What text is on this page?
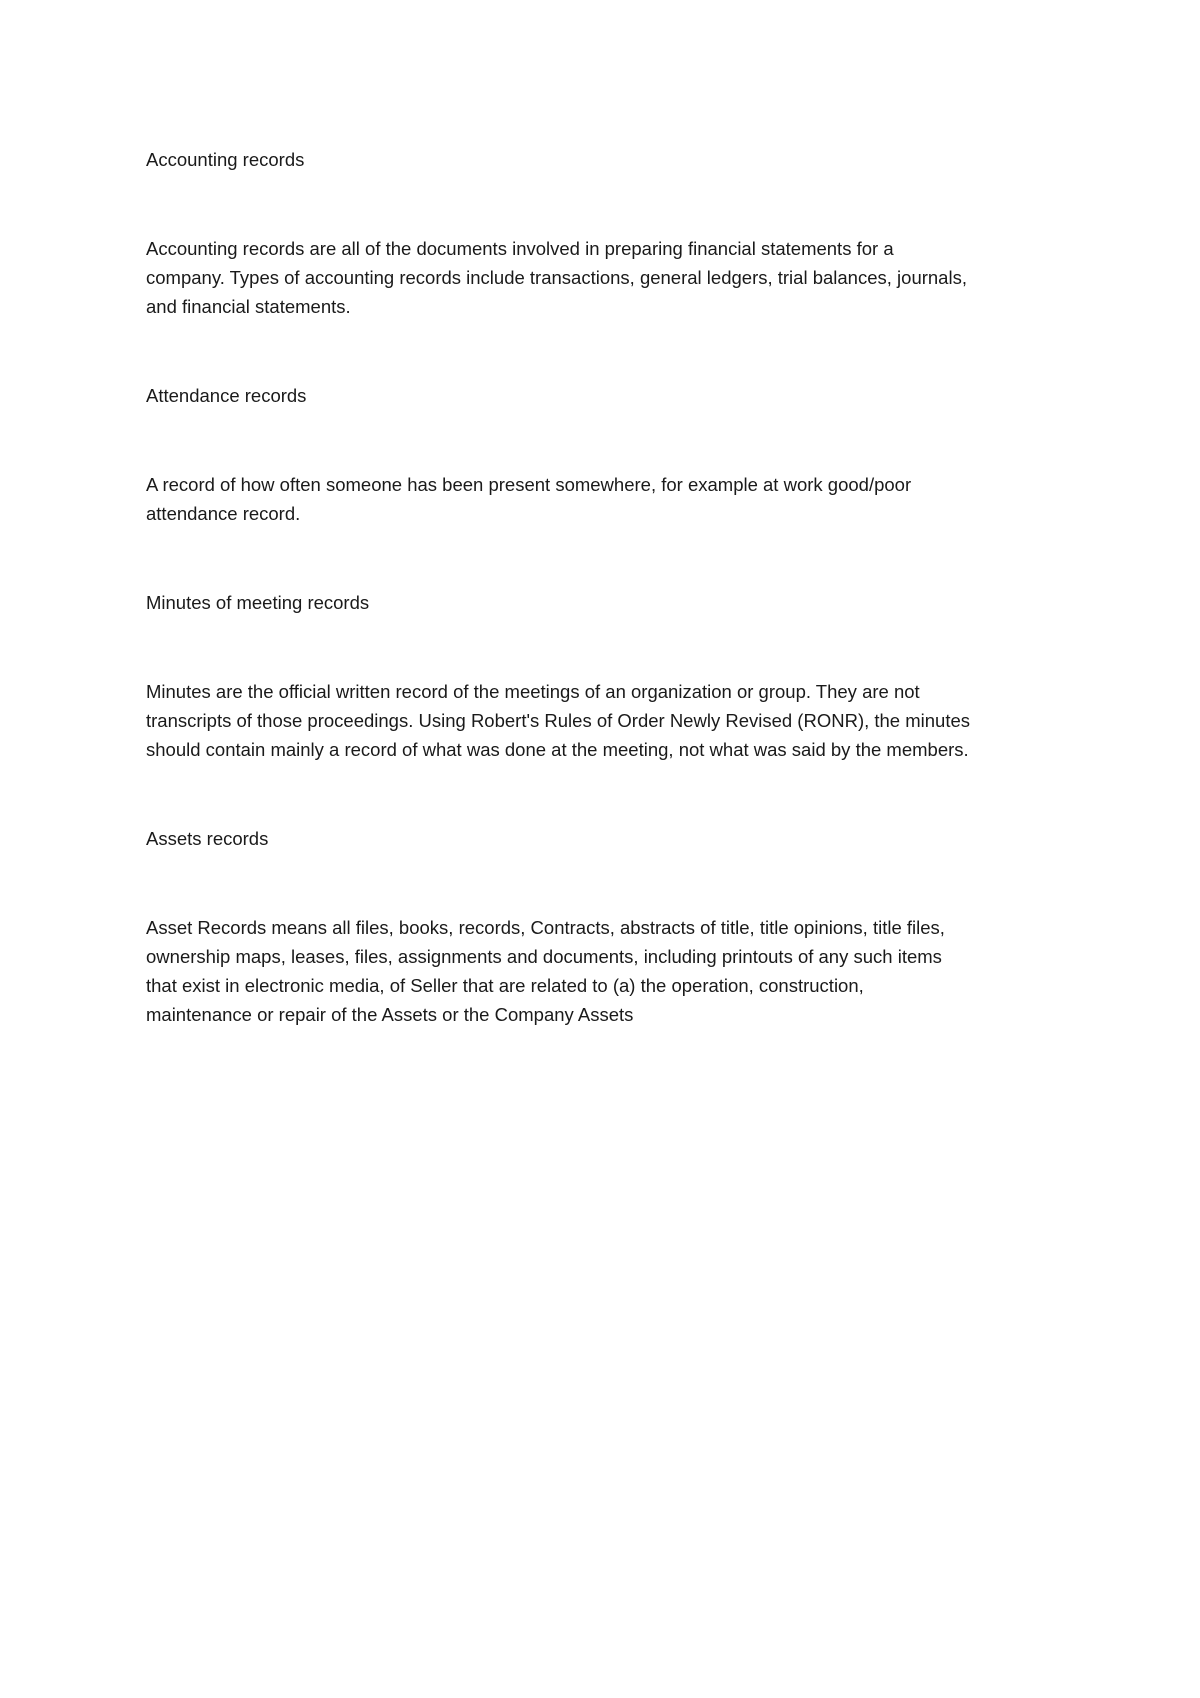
Accounting records
Accounting records are all of the documents involved in preparing financial statements for a
company. Types of accounting records include transactions, general ledgers, trial balances, journals,
and financial statements.
Attendance records
A record of how often someone has been present somewhere, for example at work good/poor
attendance record.
Minutes of meeting records
Minutes are the official written record of the meetings of an organization or group. They are not
transcripts of those proceedings. Using Robert's Rules of Order Newly Revised (RONR), the minutes
should contain mainly a record of what was done at the meeting, not what was said by the members.
Assets records
Asset Records means all files, books, records, Contracts, abstracts of title, title opinions, title files,
ownership maps, leases, files, assignments and documents, including printouts of any such items
that exist in electronic media, of Seller that are related to (a) the operation, construction,
maintenance or repair of the Assets or the Company Assets
